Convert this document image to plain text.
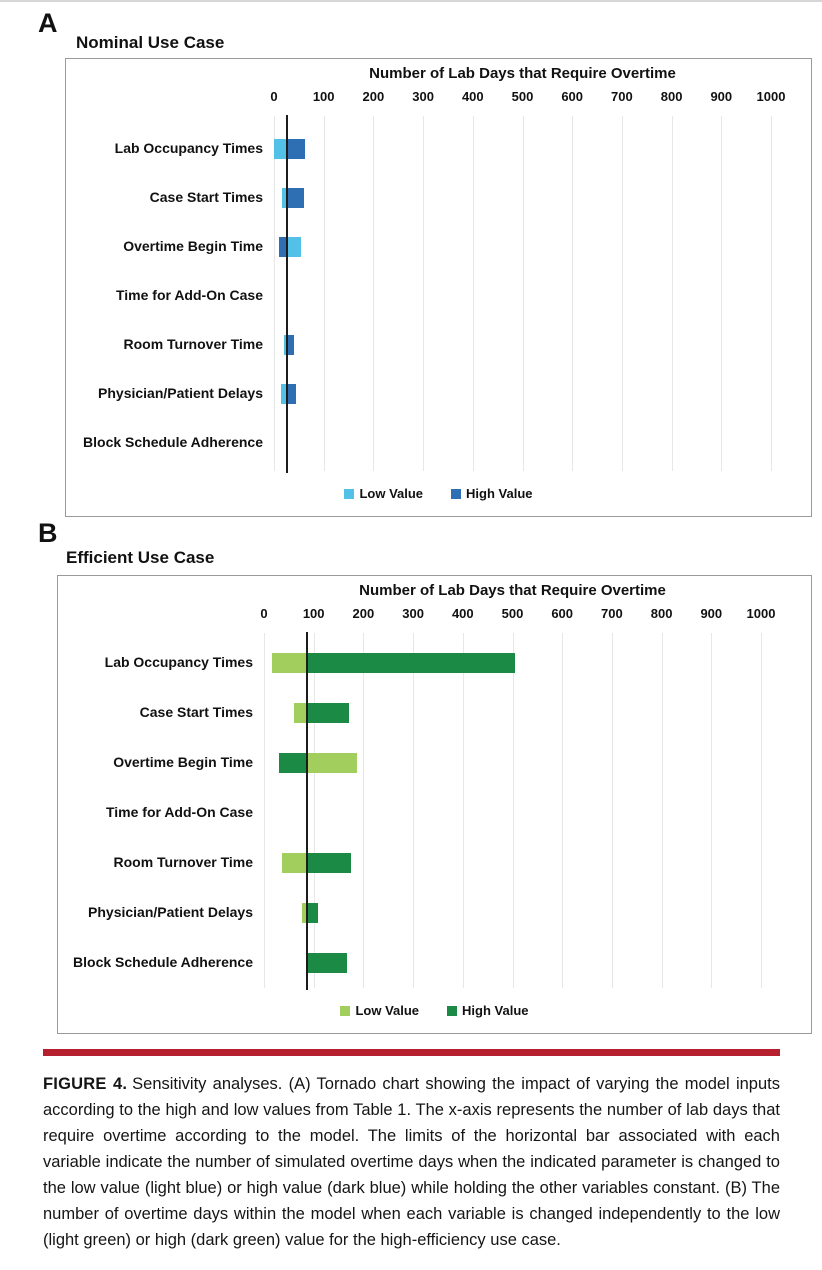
FIGURE 4. Sensitivity analyses. (A) Tornado chart showing the impact of varying the model inputs according to the high and low values from Table 1. The x-axis represents the number of lab days that require overtime according to the model. The limits of the horizontal bar associated with each variable indicate the number of simulated overtime days when the indicated parameter is changed to the low value (light blue) or high value (dark blue) while holding the other variables constant. (B) The number of overtime days within the model when each variable is changed independently to the low (light green) or high (dark green) value for the high-efficiency use case.
A
Nominal Use Case
Number of Lab Days that Require Overtime
0	100	200	300	400	500	600	700	800	900	1000
Lab Occupancy Times
Case Start Times
Overtime Begin Time
Time for Add-On Case
Room Turnover Time
Physician/Patient Delays
Block Schedule Adherence
Low Value	High Value
B
Efficient Use Case
Number of Lab Days that Require Overtime
0	100	200	300	400	500	600	700	800	900	1000
Lab Occupancy Times
Case Start Times
Overtime Begin Time
Time for Add-On Case
Room Turnover Time
Physician/Patient Delays
Block Schedule Adherence
Low Value	High Value
